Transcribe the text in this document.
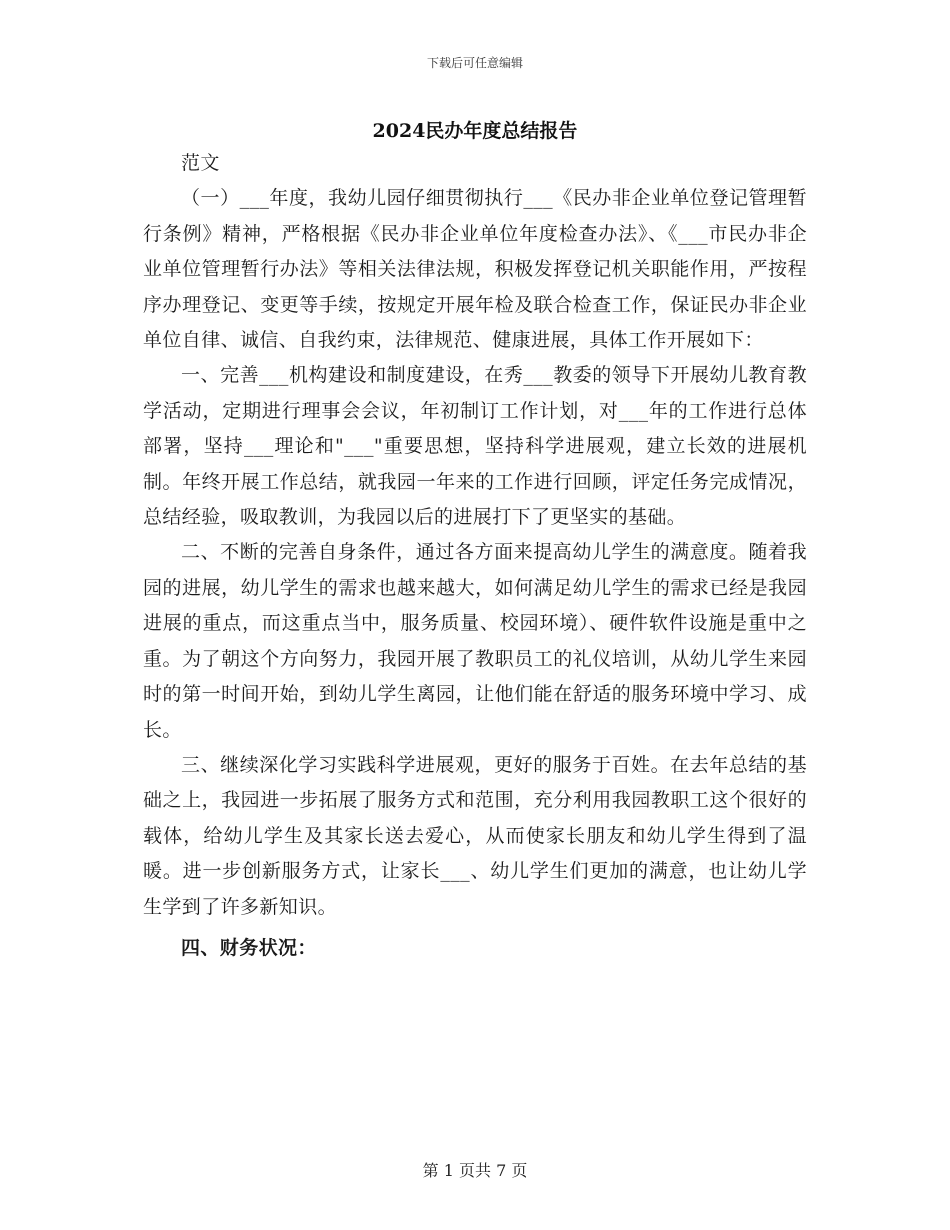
下载后可任意编辑
2024民办年度总结报告

范文

（一）___年度，我幼儿园仔细贯彻执行___《民办非企业单位登记管理暂行条例》精神，严格根据《民办非企业单位年度检查办法》、《___市民办非企业单位管理暂行办法》等相关法律法规，积极发挥登记机关职能作用，严按程序办理登记、变更等手续，按规定开展年检及联合检查工作，保证民办非企业单位自律、诚信、自我约束，法律规范、健康进展，具体工作开展如下：

一、完善___机构建设和制度建设，在秀___教委的领导下开展幼儿教育教学活动，定期进行理事会会议，年初制订工作计划，对___年的工作进行总体部署，坚持___理论和"___"重要思想，坚持科学进展观，建立长效的进展机制。年终开展工作总结，就我园一年来的工作进行回顾，评定任务完成情况，总结经验，吸取教训，为我园以后的进展打下了更坚实的基础。

二、不断的完善自身条件，通过各方面来提高幼儿学生的满意度。随着我园的进展，幼儿学生的需求也越来越大，如何满足幼儿学生的需求已经是我园进展的重点，而这重点当中，服务质量、校园环境）、硬件软件设施是重中之重。为了朝这个方向努力，我园开展了教职员工的礼仪培训，从幼儿学生来园时的第一时间开始，到幼儿学生离园，让他们能在舒适的服务环境中学习、成长。

三、继续深化学习实践科学进展观，更好的服务于百姓。在去年总结的基础之上，我园进一步拓展了服务方式和范围，充分利用我园教职工这个很好的载体，给幼儿学生及其家长送去爱心，从而使家长朋友和幼儿学生得到了温暖。进一步创新服务方式，让家长___、幼儿学生们更加的满意，也让幼儿学生学到了许多新知识。

四、财务状况：

第 1 页共 7 页
